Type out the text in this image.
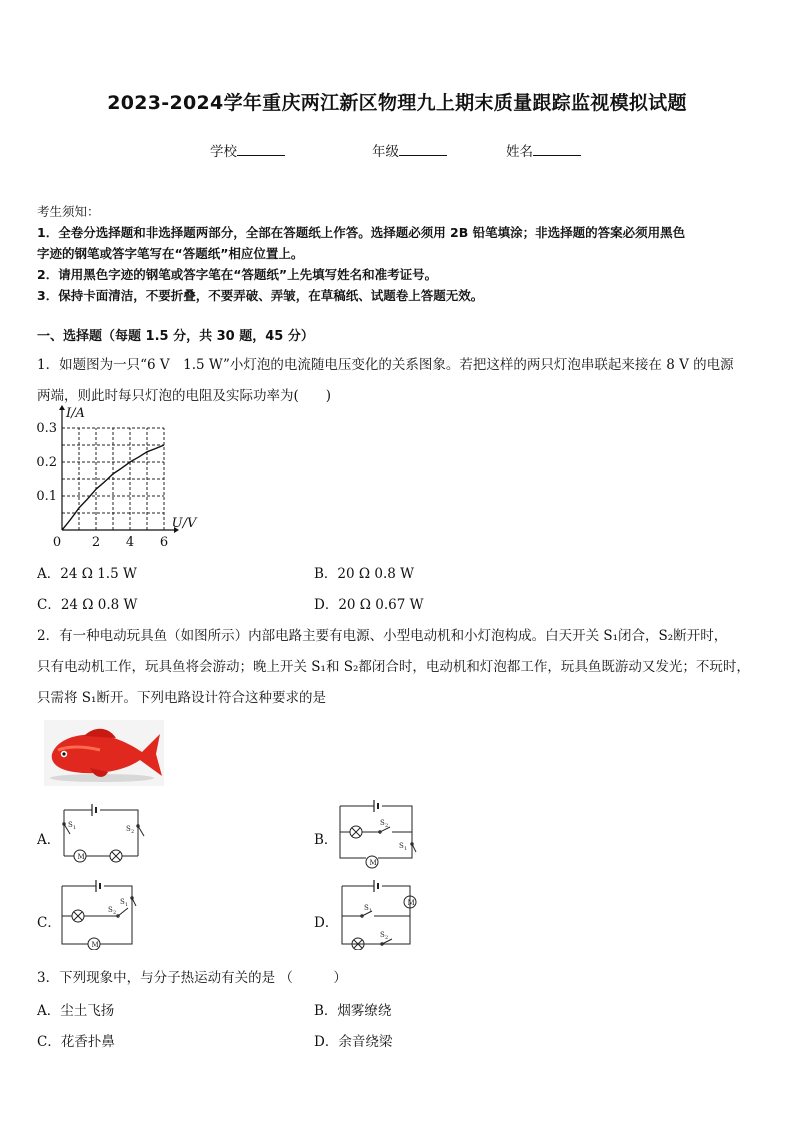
2023-2024学年重庆两江新区物理九上期末质量跟踪监视模拟试题
学校	年级	姓名
考生须知：
1．全卷分选择题和非选择题两部分，全部在答题纸上作答。选择题必须用 2B 铅笔填涂；非选择题的答案必须用黑色
字迹的钢笔或答字笔写在“答题纸”相应位置上。
2．请用黑色字迹的钢笔或答字笔在“答题纸”上先填写姓名和准考证号。
3．保持卡面清洁，不要折叠，不要弄破、弄皱，在草稿纸、试题卷上答题无效。
一、选择题（每题 1.5 分，共 30 题，45 分）
1．如题图为一只“6 V　1.5 W”小灯泡的电流随电压变化的关系图象。若把这样的两只灯泡串联起来接在 8 V 的电源
两端，则此时每只灯泡的电阻及实际功率为(　　)
0 2 4 6
0.1
0.2
0.3
U/V
I/A
A．24 Ω 1.5 W	B．20 Ω 0.8 W
C．24 Ω 0.8 W	D．20 Ω 0.67 W
2．有一种电动玩具鱼（如图所示）内部电路主要有电源、小型电动机和小灯泡构成。白天开关 S₁闭合，S₂断开时，
只有电动机工作，玩具鱼将会游动；晚上开关 S₁和 S₂都闭合时，电动机和灯泡都工作，玩具鱼既游动又发光；不玩时，
只需将 S₁断开。下列电路设计符合这种要求的是
A．	B．
C．	D．
M
S 1	S 2
M
S 2
S 1
M
S 2
S 1	M
S 1
S 2
3．下列现象中，与分子热运动有关的是 （　　　）
A．尘土飞扬	B．烟雾缭绕
C．花香扑鼻	D．余音绕梁
